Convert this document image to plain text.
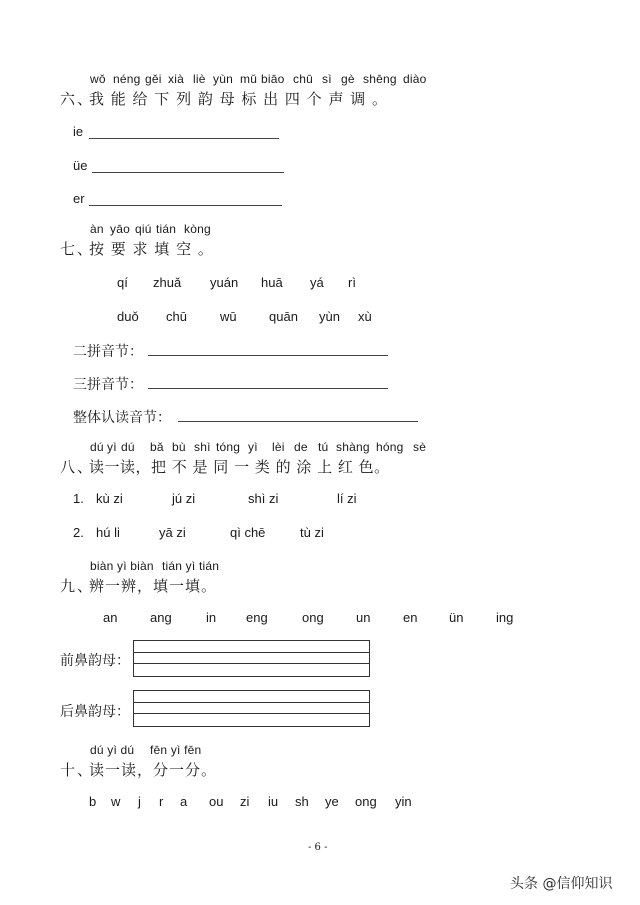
wǒ néng gěi xià liè yùn mǔ biāo chū sì gè shēng diào
六、
我 能 给 下 列 韵 母 标 出 四 个 声 调 。
ie
üe
er
àn yāo qiú tián kòng
七、
按 要 求 填 空 。
qí zhuǎ yuán huā yá rì
duǒ chū	wū quān yùn xù
二拼音节：
三拼音节：
整体认读音节：
dú yì dú bǎ bù shì tóng yì lèi de tú shàng hóng sè
八、
读一读，把 不 是 同 一 类 的 涂 上 红 色。
1. kù zi	jú zi	shì zi	lí zi
2. hú li	yā zi	qì chē	tù zi
biàn yì biàn tián yì tián
九、
辨一辨，填一填。
an	ang	in eng	ong un	en ün	ing
前鼻韵母：
后鼻韵母：
dú yì dú fēn yì fēn
十、
读一读，分一分。
b w j r a ou zi iu sh ye ong yin
- 6 -
头条 @信仰知识
